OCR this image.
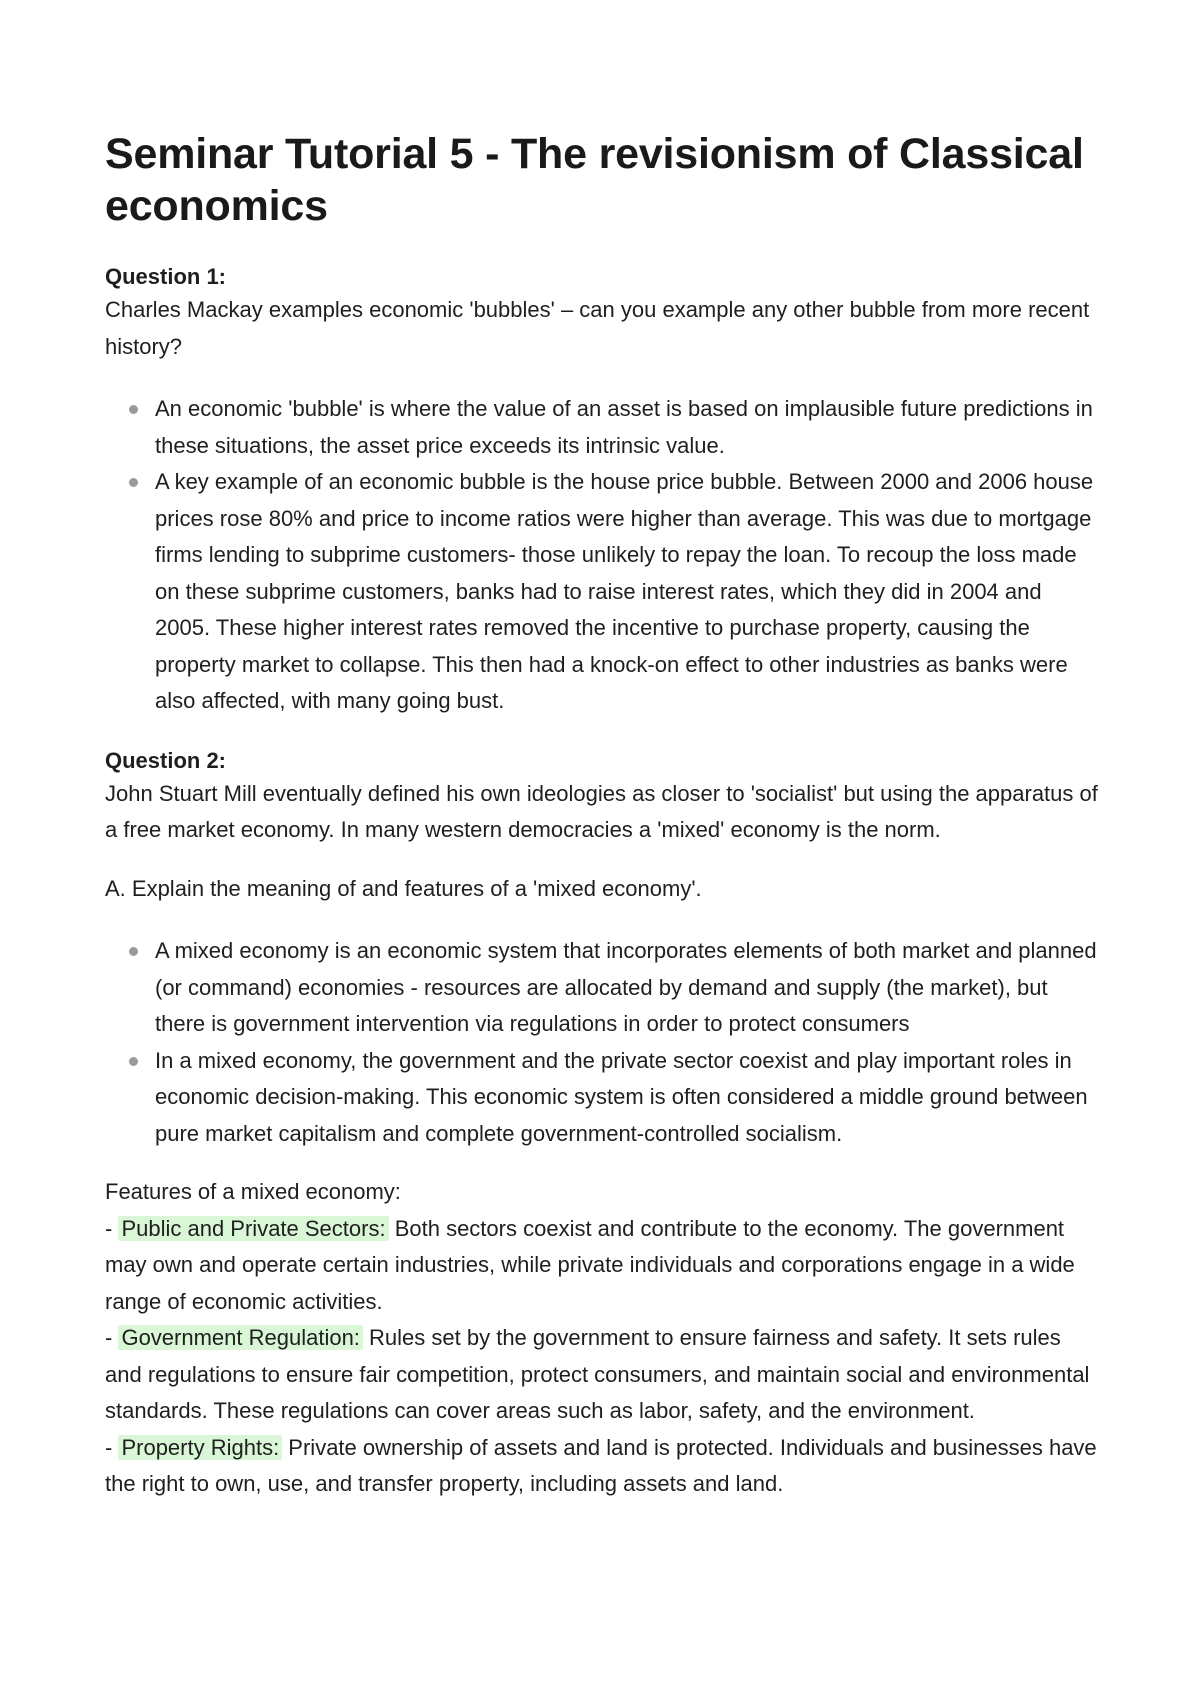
Seminar Tutorial 5 - The revisionism of Classical economics
Question 1:

Charles Mackay examples economic 'bubbles' – can you example any other bubble from more recent history?

An economic 'bubble' is where the value of an asset is based on implausible future predictions in these situations, the asset price exceeds its intrinsic value.
A key example of an economic bubble is the house price bubble. Between 2000 and 2006 house prices rose 80% and price to income ratios were higher than average. This was due to mortgage firms lending to subprime customers- those unlikely to repay the loan. To recoup the loss made on these subprime customers, banks had to raise interest rates, which they did in 2004 and 2005. These higher interest rates removed the incentive to purchase property, causing the property market to collapse. This then had a knock-on effect to other industries as banks were also affected, with many going bust.
Question 2:

John Stuart Mill eventually defined his own ideologies as closer to 'socialist' but using the apparatus of a free market economy. In many western democracies a 'mixed' economy is the norm.

A. Explain the meaning of and features of a 'mixed economy'.

A mixed economy is an economic system that incorporates elements of both market and planned (or command) economies - resources are allocated by demand and supply (the market), but there is government intervention via regulations in order to protect consumers
In a mixed economy, the government and the private sector coexist and play important roles in economic decision-making. This economic system is often considered a middle ground between pure market capitalism and complete government-controlled socialism.

Features of a mixed economy:

- Public and Private Sectors: Both sectors coexist and contribute to the economy. The government may own and operate certain industries, while private individuals and corporations engage in a wide range of economic activities.

- Government Regulation: Rules set by the government to ensure fairness and safety. It sets rules and regulations to ensure fair competition, protect consumers, and maintain social and environmental standards. These regulations can cover areas such as labor, safety, and the environment.

- Property Rights: Private ownership of assets and land is protected. Individuals and businesses have the right to own, use, and transfer property, including assets and land.
